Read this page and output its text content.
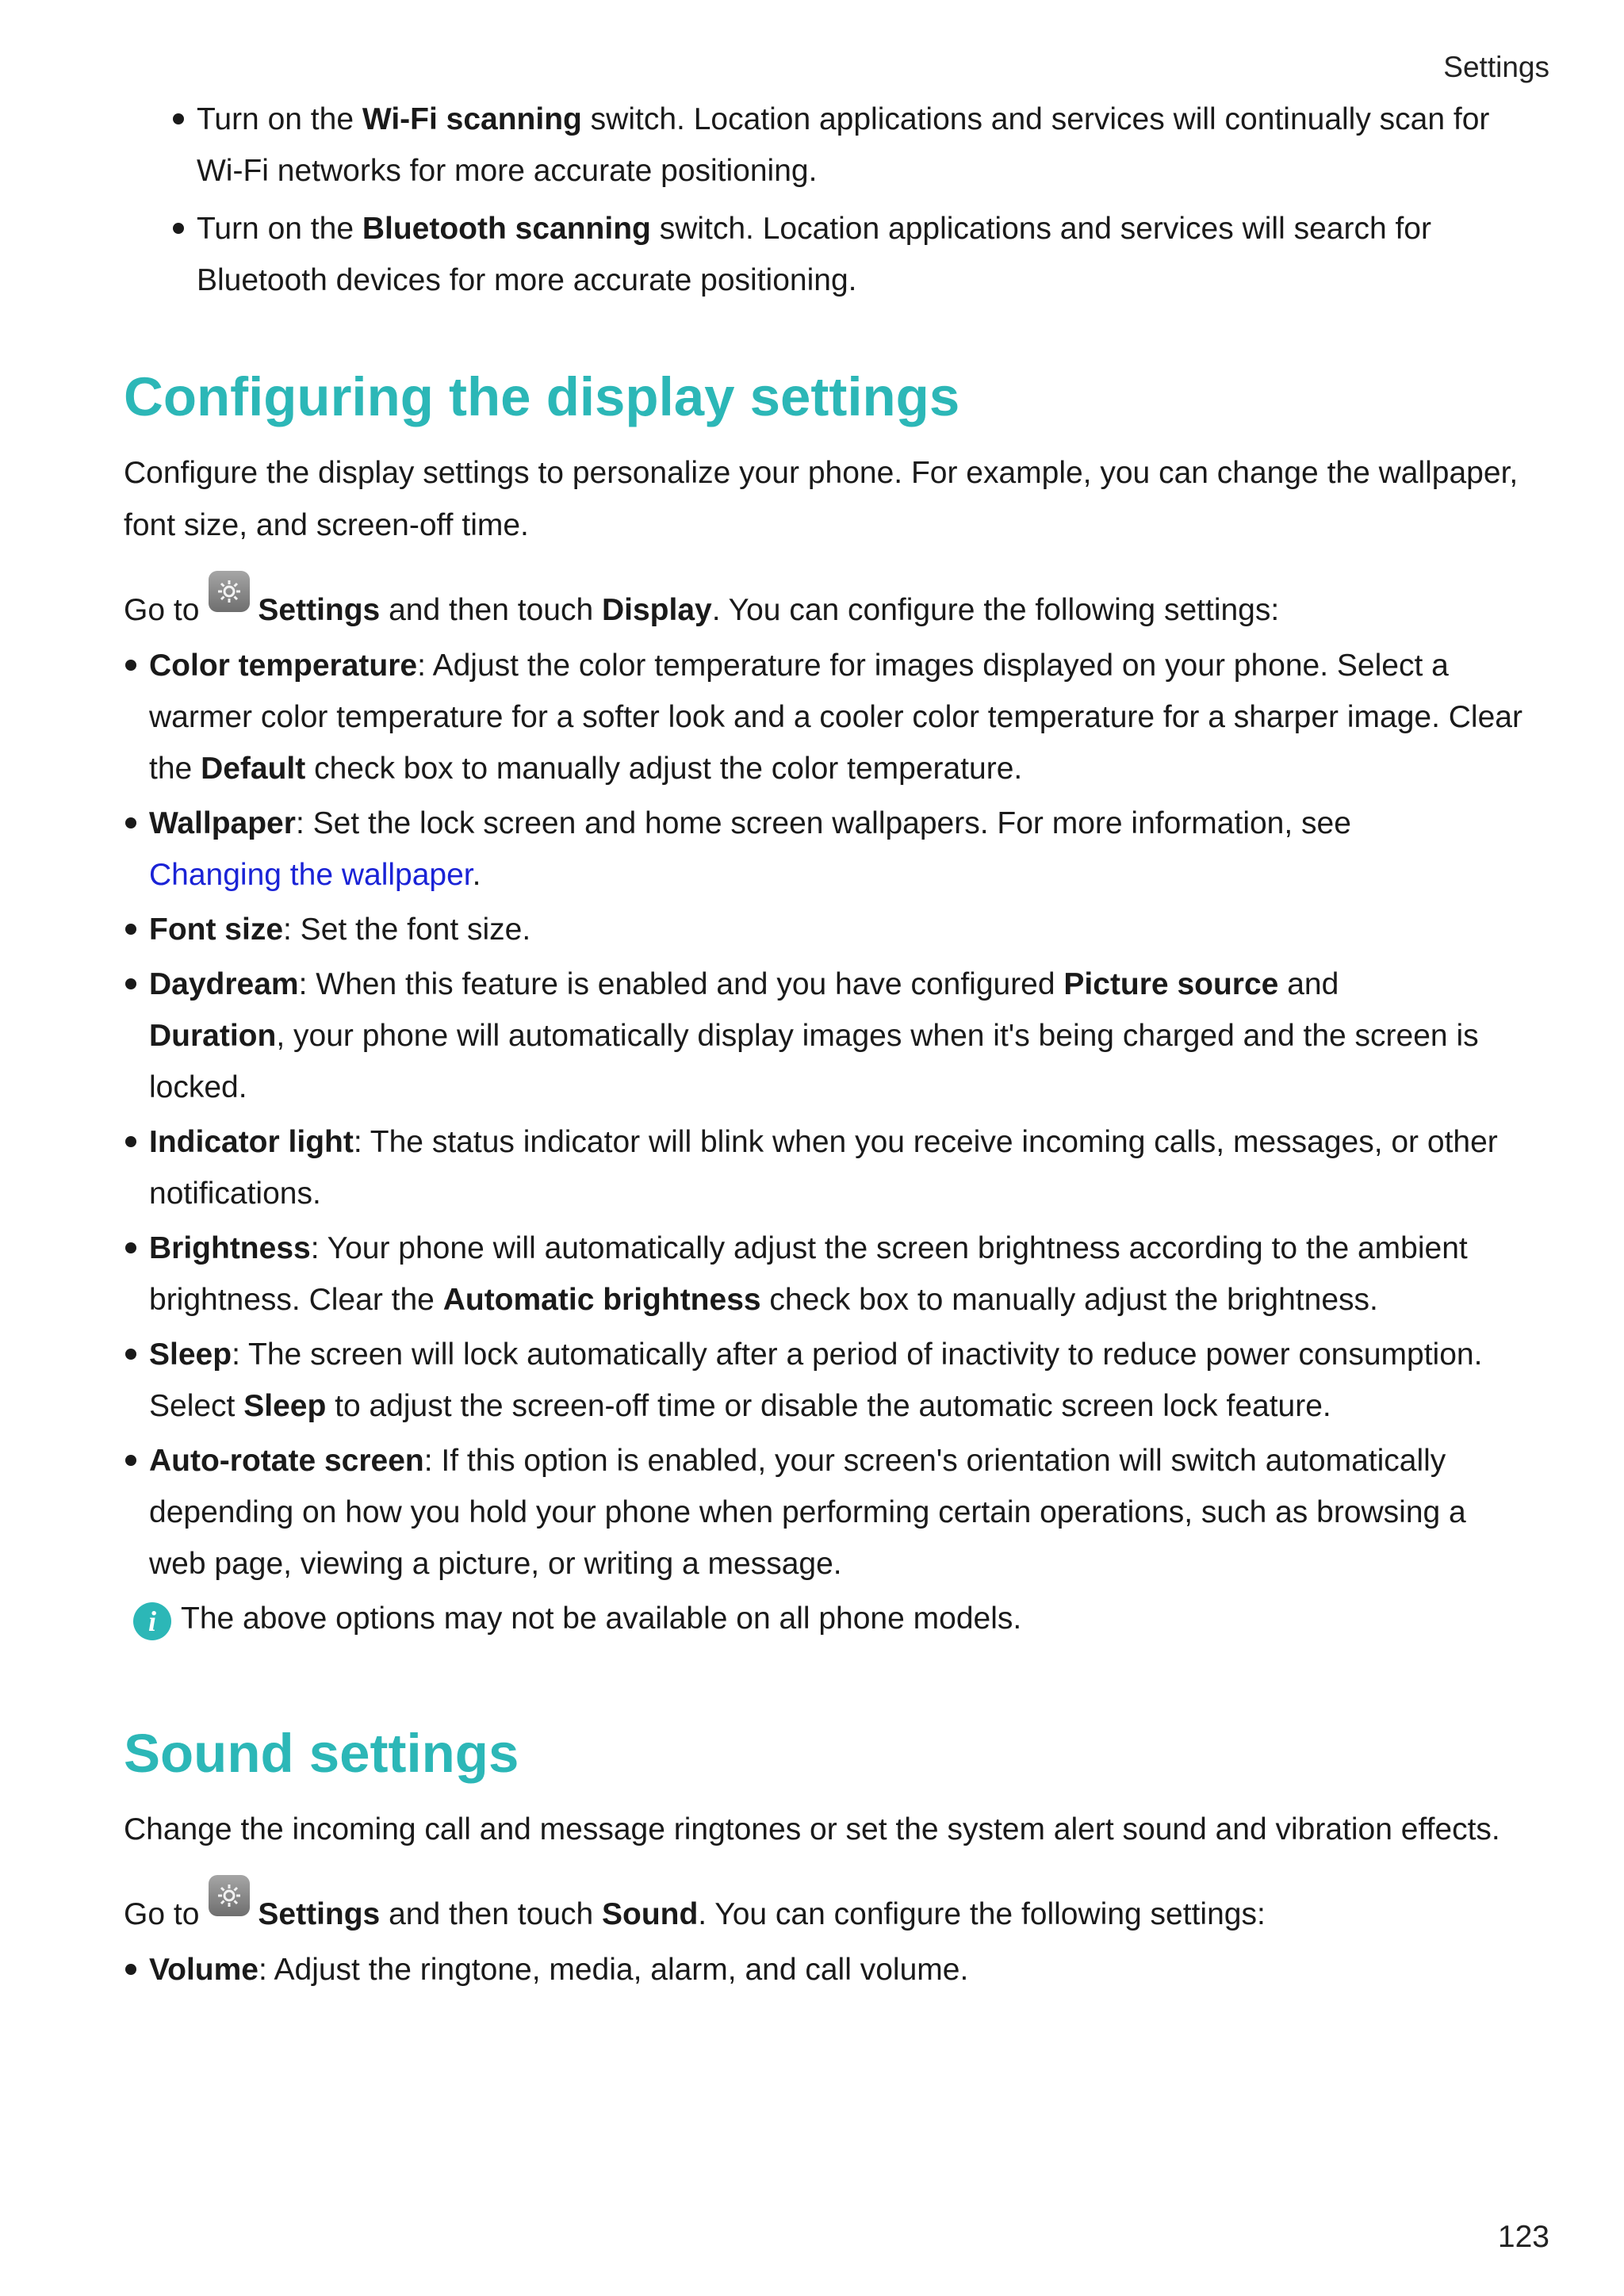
Settings
Turn on the Wi-Fi scanning switch. Location applications and services will continually scan for Wi-Fi networks for more accurate positioning.
Turn on the Bluetooth scanning switch. Location applications and services will search for Bluetooth devices for more accurate positioning.
Configuring the display settings

Configure the display settings to personalize your phone. For example, you can change the wallpaper, font size, and screen-off time.

Go to Settings and then touch Display. You can configure the following settings:

Color temperature: Adjust the color temperature for images displayed on your phone. Select a warmer color temperature for a softer look and a cooler color temperature for a sharper image. Clear the Default check box to manually adjust the color temperature.
Wallpaper: Set the lock screen and home screen wallpapers. For more information, see
Changing the wallpaper.
Font size: Set the font size.
Daydream: When this feature is enabled and you have configured Picture source and
Duration, your phone will automatically display images when it's being charged and the screen is locked.
Indicator light: The status indicator will blink when you receive incoming calls, messages, or other notifications.
Brightness: Your phone will automatically adjust the screen brightness according to the ambient brightness. Clear the Automatic brightness check box to manually adjust the brightness.
Sleep: The screen will lock automatically after a period of inactivity to reduce power consumption. Select Sleep to adjust the screen-off time or disable the automatic screen lock feature.
Auto-rotate screen: If this option is enabled, your screen's orientation will switch automatically depending on how you hold your phone when performing certain operations, such as browsing a web page, viewing a picture, or writing a message.

i The above options may not be available on all phone models.

Sound settings

Change the incoming call and message ringtones or set the system alert sound and vibration effects.

Go to Settings and then touch Sound. You can configure the following settings:

Volume: Adjust the ringtone, media, alarm, and call volume.
123
